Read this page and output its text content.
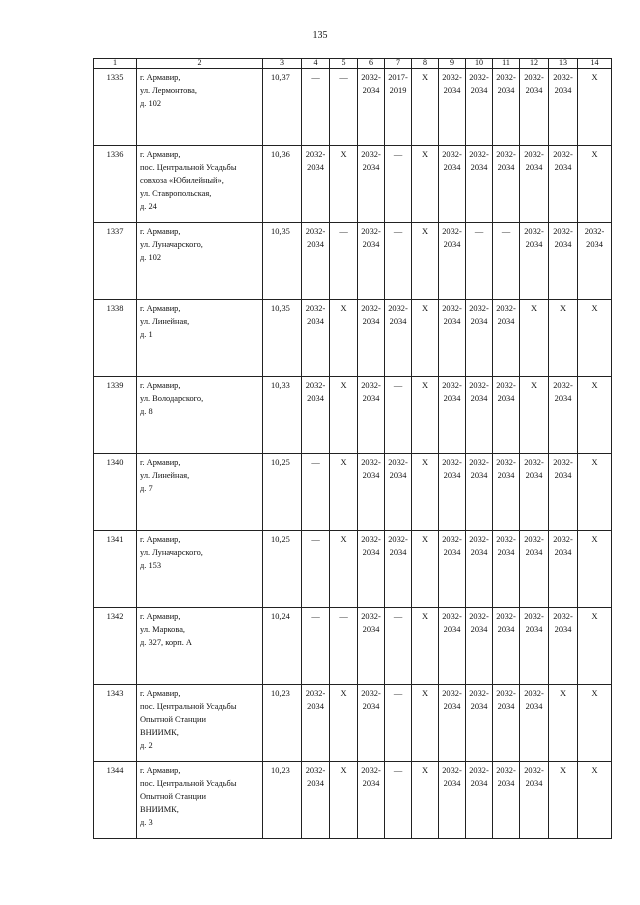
135
1	2	3	4	5	6	7	8	9	10	11	12	13	14
1335	г. Армавир,
ул. Лермонтова,
д. 102	10,37	—	—	2032-2034	2017-2019	X	2032-2034	2032-2034	2032-2034	2032-2034	2032-2034	X
1336	г. Армавир,
пос. Центральной Усадьбы
совхоза «Юбилейный»,
ул. Ставропольская,
д. 24	10,36	2032-2034	X	2032-2034	—	X	2032-2034	2032-2034	2032-2034	2032-2034	2032-2034	X
1337	г. Армавир,
ул. Луначарского,
д. 102	10,35	2032-2034	—	2032-2034	—	X	2032-2034	—	—	2032-2034	2032-2034	2032-2034
1338	г. Армавир,
ул. Линейная,
д. 1	10,35	2032-2034	X	2032-2034	2032-2034	X	2032-2034	2032-2034	2032-2034	X	X	X
1339	г. Армавир,
ул. Володарского,
д. 8	10,33	2032-2034	X	2032-2034	—	X	2032-2034	2032-2034	2032-2034	X	2032-2034	X
1340	г. Армавир,
ул. Линейная,
д. 7	10,25	—	X	2032-2034	2032-2034	X	2032-2034	2032-2034	2032-2034	2032-2034	2032-2034	X
1341	г. Армавир,
ул. Луначарского,
д. 153	10,25	—	X	2032-2034	2032-2034	X	2032-2034	2032-2034	2032-2034	2032-2034	2032-2034	X
1342	г. Армавир,
ул. Маркова,
д. 327, корп. А	10,24	—	—	2032-2034	—	X	2032-2034	2032-2034	2032-2034	2032-2034	2032-2034	X
1343	г. Армавир,
пос. Центральной Усадьбы
Опытной Станции
ВНИИМК,
д. 2	10,23	2032-2034	X	2032-2034	—	X	2032-2034	2032-2034	2032-2034	2032-2034	X	X
1344	г. Армавир,
пос. Центральной Усадьбы
Опытной Станции
ВНИИМК,
д. 3	10,23	2032-2034	X	2032-2034	—	X	2032-2034	2032-2034	2032-2034	2032-2034	X	X
